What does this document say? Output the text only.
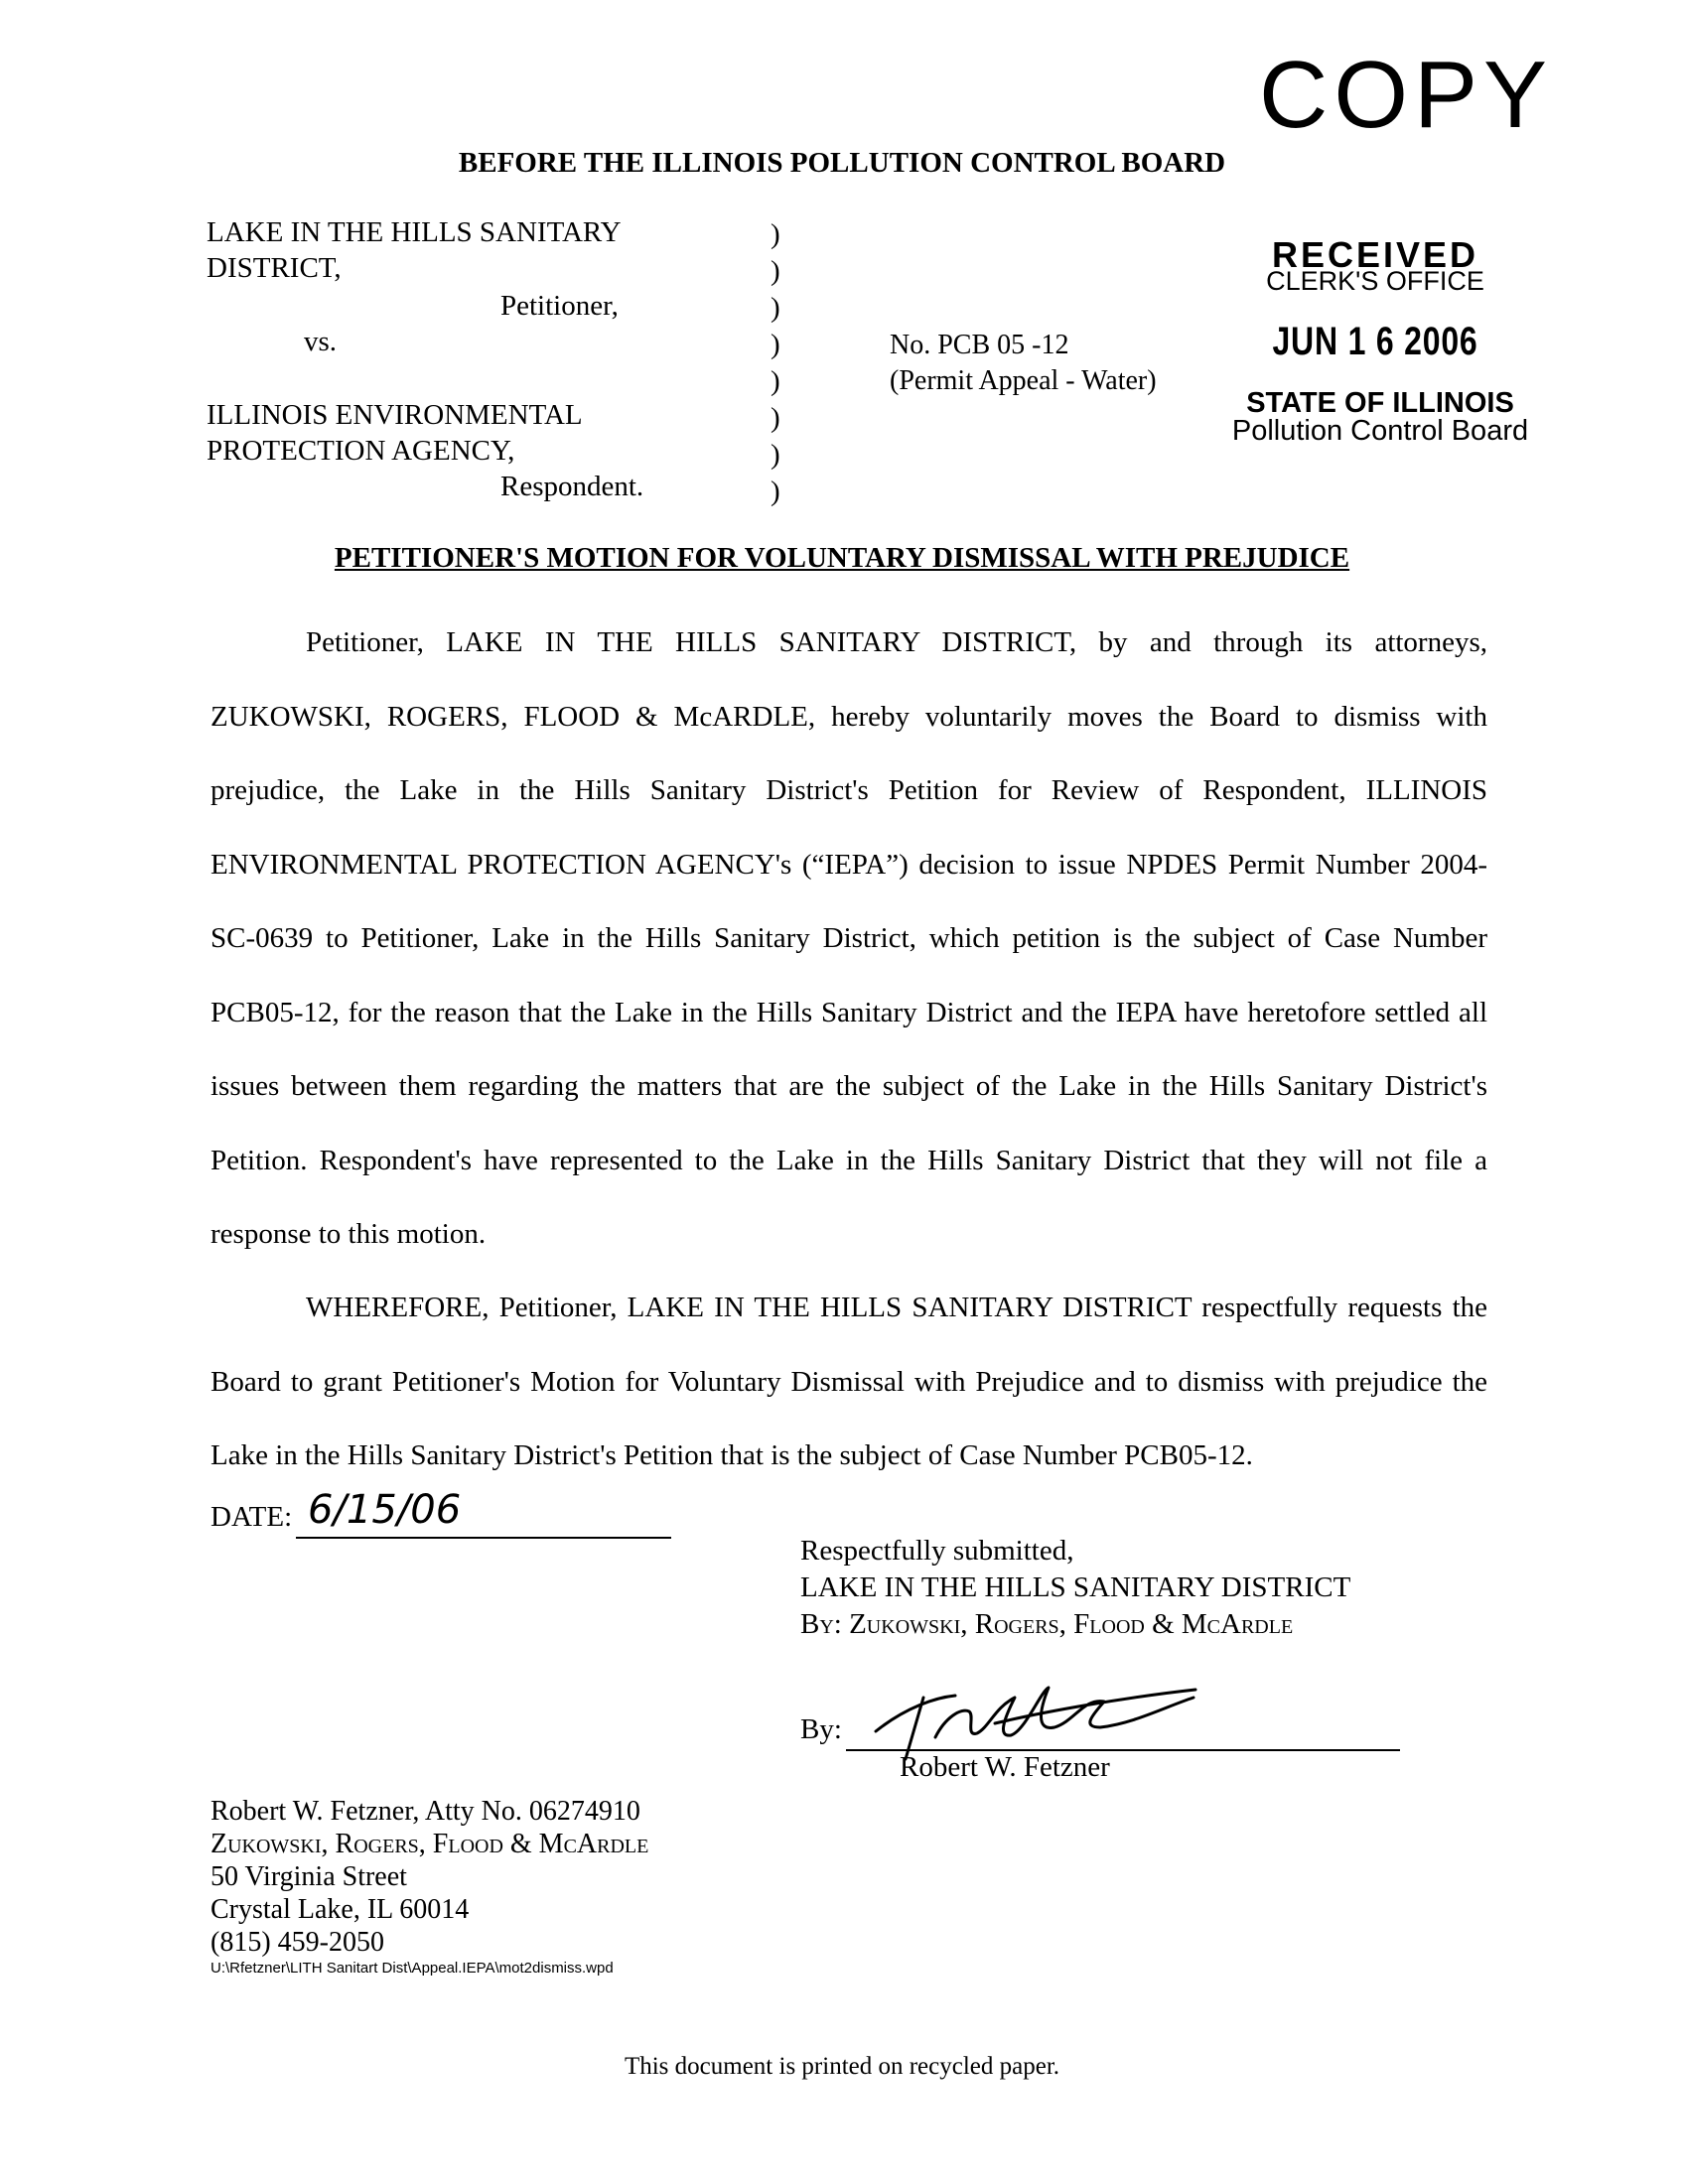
COPY
BEFORE THE ILLINOIS POLLUTION CONTROL BOARD
LAKE IN THE HILLS SANITARY
DISTRICT,
Petitioner,
vs.
ILLINOIS ENVIRONMENTAL
PROTECTION AGENCY,
Respondent.
)
)
)
)
)
)
)
)
No. PCB 05 -12
(Permit Appeal - Water)
RECEIVED
CLERK'S OFFICE
JUN 1 6 2006
STATE OF ILLINOIS
Pollution Control Board
PETITIONER'S MOTION FOR VOLUNTARY DISMISSAL WITH PREJUDICE

Petitioner, LAKE IN THE HILLS SANITARY DISTRICT, by and through its attorneys, ZUKOWSKI, ROGERS, FLOOD & McARDLE, hereby voluntarily moves the Board to dismiss with prejudice, the Lake in the Hills Sanitary District's Petition for Review of Respondent, ILLINOIS ENVIRONMENTAL PROTECTION AGENCY's (“IEPA”) decision to issue NPDES Permit Number 2004-SC-0639 to Petitioner, Lake in the Hills Sanitary District, which petition is the subject of Case Number PCB05-12, for the reason that the Lake in the Hills Sanitary District and the IEPA have heretofore settled all issues between them regarding the matters that are the subject of the Lake in the Hills Sanitary District's Petition. Respondent's have represented to the Lake in the Hills Sanitary District that they will not file a response to this motion.

WHEREFORE, Petitioner, LAKE IN THE HILLS SANITARY DISTRICT respectfully requests the Board to grant Petitioner's Motion for Voluntary Dismissal with Prejudice and to dismiss with prejudice the Lake in the Hills Sanitary District's Petition that is the subject of Case Number PCB05-12.

DATE: 6/15/06
Respectfully submitted,
LAKE IN THE HILLS SANITARY DISTRICT
By: Zukowski, Rogers, Flood & McArdle
By:
Robert W. Fetzner
Robert W. Fetzner, Atty No. 06274910
Zukowski, Rogers, Flood & McArdle
50 Virginia Street
Crystal Lake, IL 60014
(815) 459-2050
U:\Rfetzner\LITH Sanitart Dist\Appeal.IEPA\mot2dismiss.wpd
This document is printed on recycled paper.
